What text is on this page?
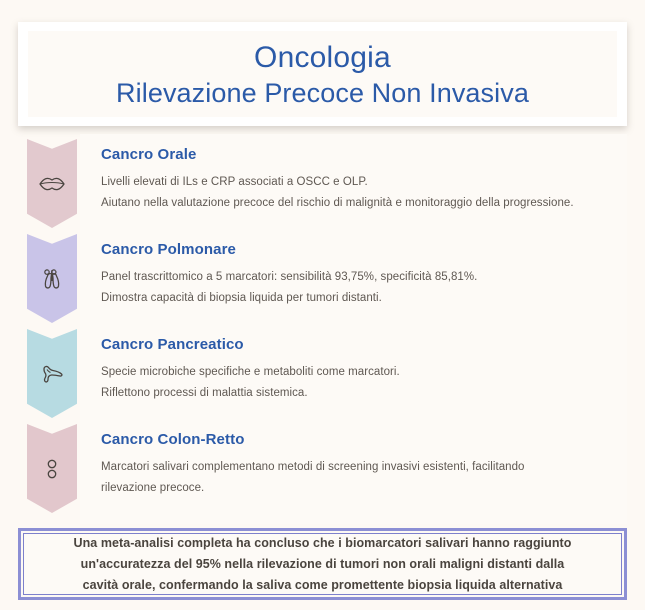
Oncologia
Rilevazione Precoce Non Invasiva
Cancro Orale
Livelli elevati di ILs e CRP associati a OSCC e OLP.
Aiutano nella valutazione precoce del rischio di malignità e monitoraggio della progressione.
Cancro Polmonare
Panel trascrittomico a 5 marcatori: sensibilità 93,75%, specificità 85,81%.
Dimostra capacità di biopsia liquida per tumori distanti.
Cancro Pancreatico
Specie microbiche specifiche e metaboliti come marcatori.
Riflettono processi di malattia sistemica.
Cancro Colon-Retto
Marcatori salivari complementano metodi di screening invasivi esistenti, facilitando
rilevazione precoce.
Una meta-analisi completa ha concluso che i biomarcatori salivari hanno raggiunto
un'accuratezza del 95% nella rilevazione di tumori non orali maligni distanti dalla
cavità orale, confermando la saliva come promettente biopsia liquida alternativa
